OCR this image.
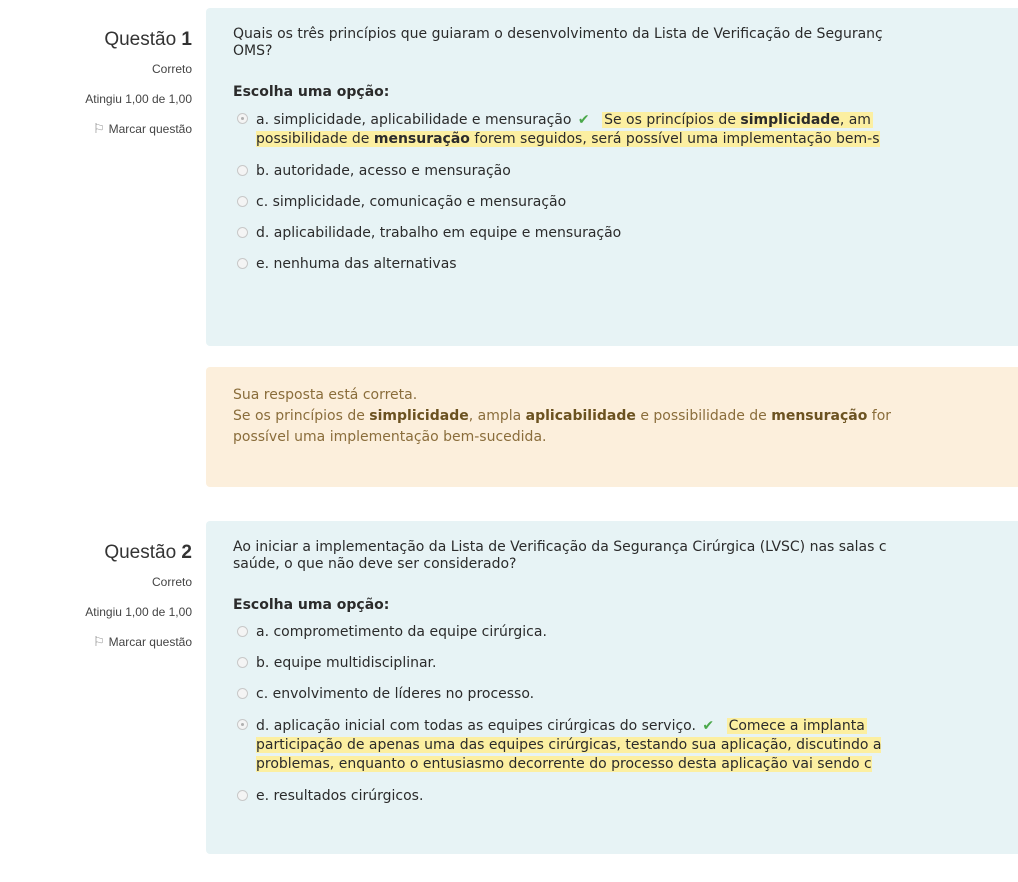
Questão 1
Correto
Atingiu 1,00 de 1,00
⚐ Marcar questão
Quais os três princípios que guiaram o desenvolvimento da Lista de Verificação de Seguranç
OMS?
Escolha uma opção:
a. simplicidade, aplicabilidade e mensuração ✔ Se os princípios de simplicidade, am
possibilidade de mensuração forem seguidos, será possível uma implementação bem-s
b. autoridade, acesso e mensuração
c. simplicidade, comunicação e mensuração
d. aplicabilidade, trabalho em equipe e mensuração
e. nenhuma das alternativas
Sua resposta está correta.
Se os princípios de simplicidade, ampla aplicabilidade e possibilidade de mensuração for
possível uma implementação bem-sucedida.
Questão 2
Correto
Atingiu 1,00 de 1,00
⚐ Marcar questão
Ao iniciar a implementação da Lista de Verificação da Segurança Cirúrgica (LVSC) nas salas c
saúde, o que não deve ser considerado?
Escolha uma opção:
a. comprometimento da equipe cirúrgica.
b. equipe multidisciplinar.
c. envolvimento de líderes no processo.
d. aplicação inicial com todas as equipes cirúrgicas do serviço. ✔ Comece a implanta
participação de apenas uma das equipes cirúrgicas, testando sua aplicação, discutindo a
problemas, enquanto o entusiasmo decorrente do processo desta aplicação vai sendo c
e. resultados cirúrgicos.
